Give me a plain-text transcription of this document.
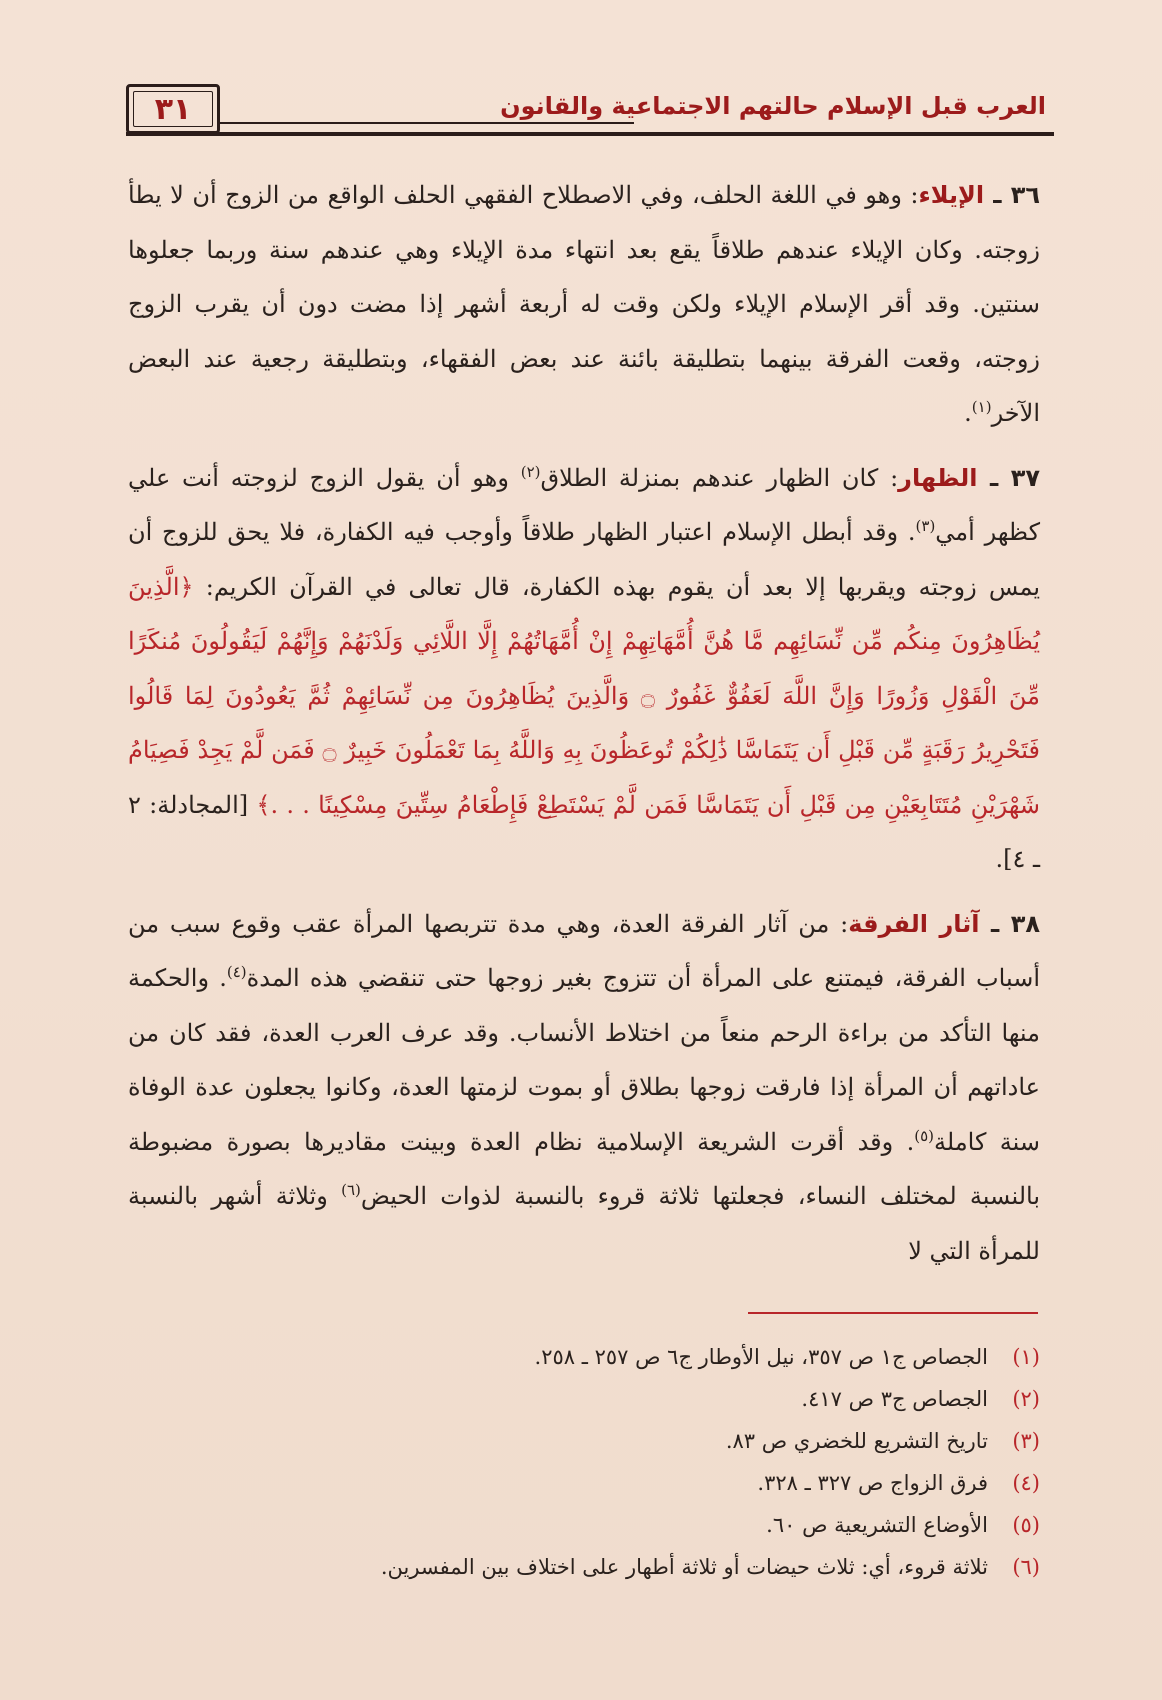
العرب قبل الإسلام حالتهم الاجتماعية والقانون
٣١

٣٦ ـ الإيلاء: وهو في اللغة الحلف، وفي الاصطلاح الفقهي الحلف الواقع من الزوج أن لا يطأ زوجته. وكان الإيلاء عندهم طلاقاً يقع بعد انتهاء مدة الإيلاء وهي عندهم سنة وربما جعلوها سنتين. وقد أقر الإسلام الإيلاء ولكن وقت له أربعة أشهر إذا مضت دون أن يقرب الزوج زوجته، وقعت الفرقة بينهما بتطليقة بائنة عند بعض الفقهاء، وبتطليقة رجعية عند البعض الآخر$^{(١)}$.

٣٧ ـ الظهار: كان الظهار عندهم بمنزلة الطلاق$^{(٢)}$ وهو أن يقول الزوج لزوجته أنت علي كظهر أمي$^{(٣)}$. وقد أبطل الإسلام اعتبار الظهار طلاقاً وأوجب فيه الكفارة، فلا يحق للزوج أن يمس زوجته ويقربها إلا بعد أن يقوم بهذه الكفارة، قال تعالى في القرآن الكريم: ﴿الَّذِينَ يُظَاهِرُونَ مِنكُم مِّن نِّسَائِهِم مَّا هُنَّ أُمَّهَاتِهِمْ إِنْ أُمَّهَاتُهُمْ إِلَّا اللَّائِي وَلَدْنَهُمْ وَإِنَّهُمْ لَيَقُولُونَ مُنكَرًا مِّنَ الْقَوْلِ وَزُورًا وَإِنَّ اللَّهَ لَعَفُوٌّ غَفُورٌ ۝ وَالَّذِينَ يُظَاهِرُونَ مِن نِّسَائِهِمْ ثُمَّ يَعُودُونَ لِمَا قَالُوا فَتَحْرِيرُ رَقَبَةٍ مِّن قَبْلِ أَن يَتَمَاسَّا ذَٰلِكُمْ تُوعَظُونَ بِهِ وَاللَّهُ بِمَا تَعْمَلُونَ خَبِيرٌ ۝ فَمَن لَّمْ يَجِدْ فَصِيَامُ شَهْرَيْنِ مُتَتَابِعَيْنِ مِن قَبْلِ أَن يَتَمَاسَّا فَمَن لَّمْ يَسْتَطِعْ فَإِطْعَامُ سِتِّينَ مِسْكِينًا . . .﴾ [المجادلة: ٢ ـ ٤].

٣٨ ـ آثار الفرقة: من آثار الفرقة العدة، وهي مدة تتربصها المرأة عقب وقوع سبب من أسباب الفرقة، فيمتنع على المرأة أن تتزوج بغير زوجها حتى تنقضي هذه المدة$^{(٤)}$. والحكمة منها التأكد من براءة الرحم منعاً من اختلاط الأنساب. وقد عرف العرب العدة، فقد كان من عاداتهم أن المرأة إذا فارقت زوجها بطلاق أو بموت لزمتها العدة، وكانوا يجعلون عدة الوفاة سنة كاملة$^{(٥)}$. وقد أقرت الشريعة الإسلامية نظام العدة وبينت مقاديرها بصورة مضبوطة بالنسبة لمختلف النساء، فجعلتها ثلاثة قروء بالنسبة لذوات الحيض$^{(٦)}$ وثلاثة أشهر بالنسبة للمرأة التي لا

(١)الجصاص ج١ ص ٣٥٧، نيل الأوطار ج٦ ص ٢٥٧ ـ ٢٥٨.
(٢)الجصاص ج٣ ص ٤١٧.
(٣)تاريخ التشريع للخضري ص ٨٣.
(٤)فرق الزواج ص ٣٢٧ ـ ٣٢٨.
(٥)الأوضاع التشريعية ص ٦٠.
(٦)ثلاثة قروء، أي: ثلاث حيضات أو ثلاثة أطهار على اختلاف بين المفسرين.
